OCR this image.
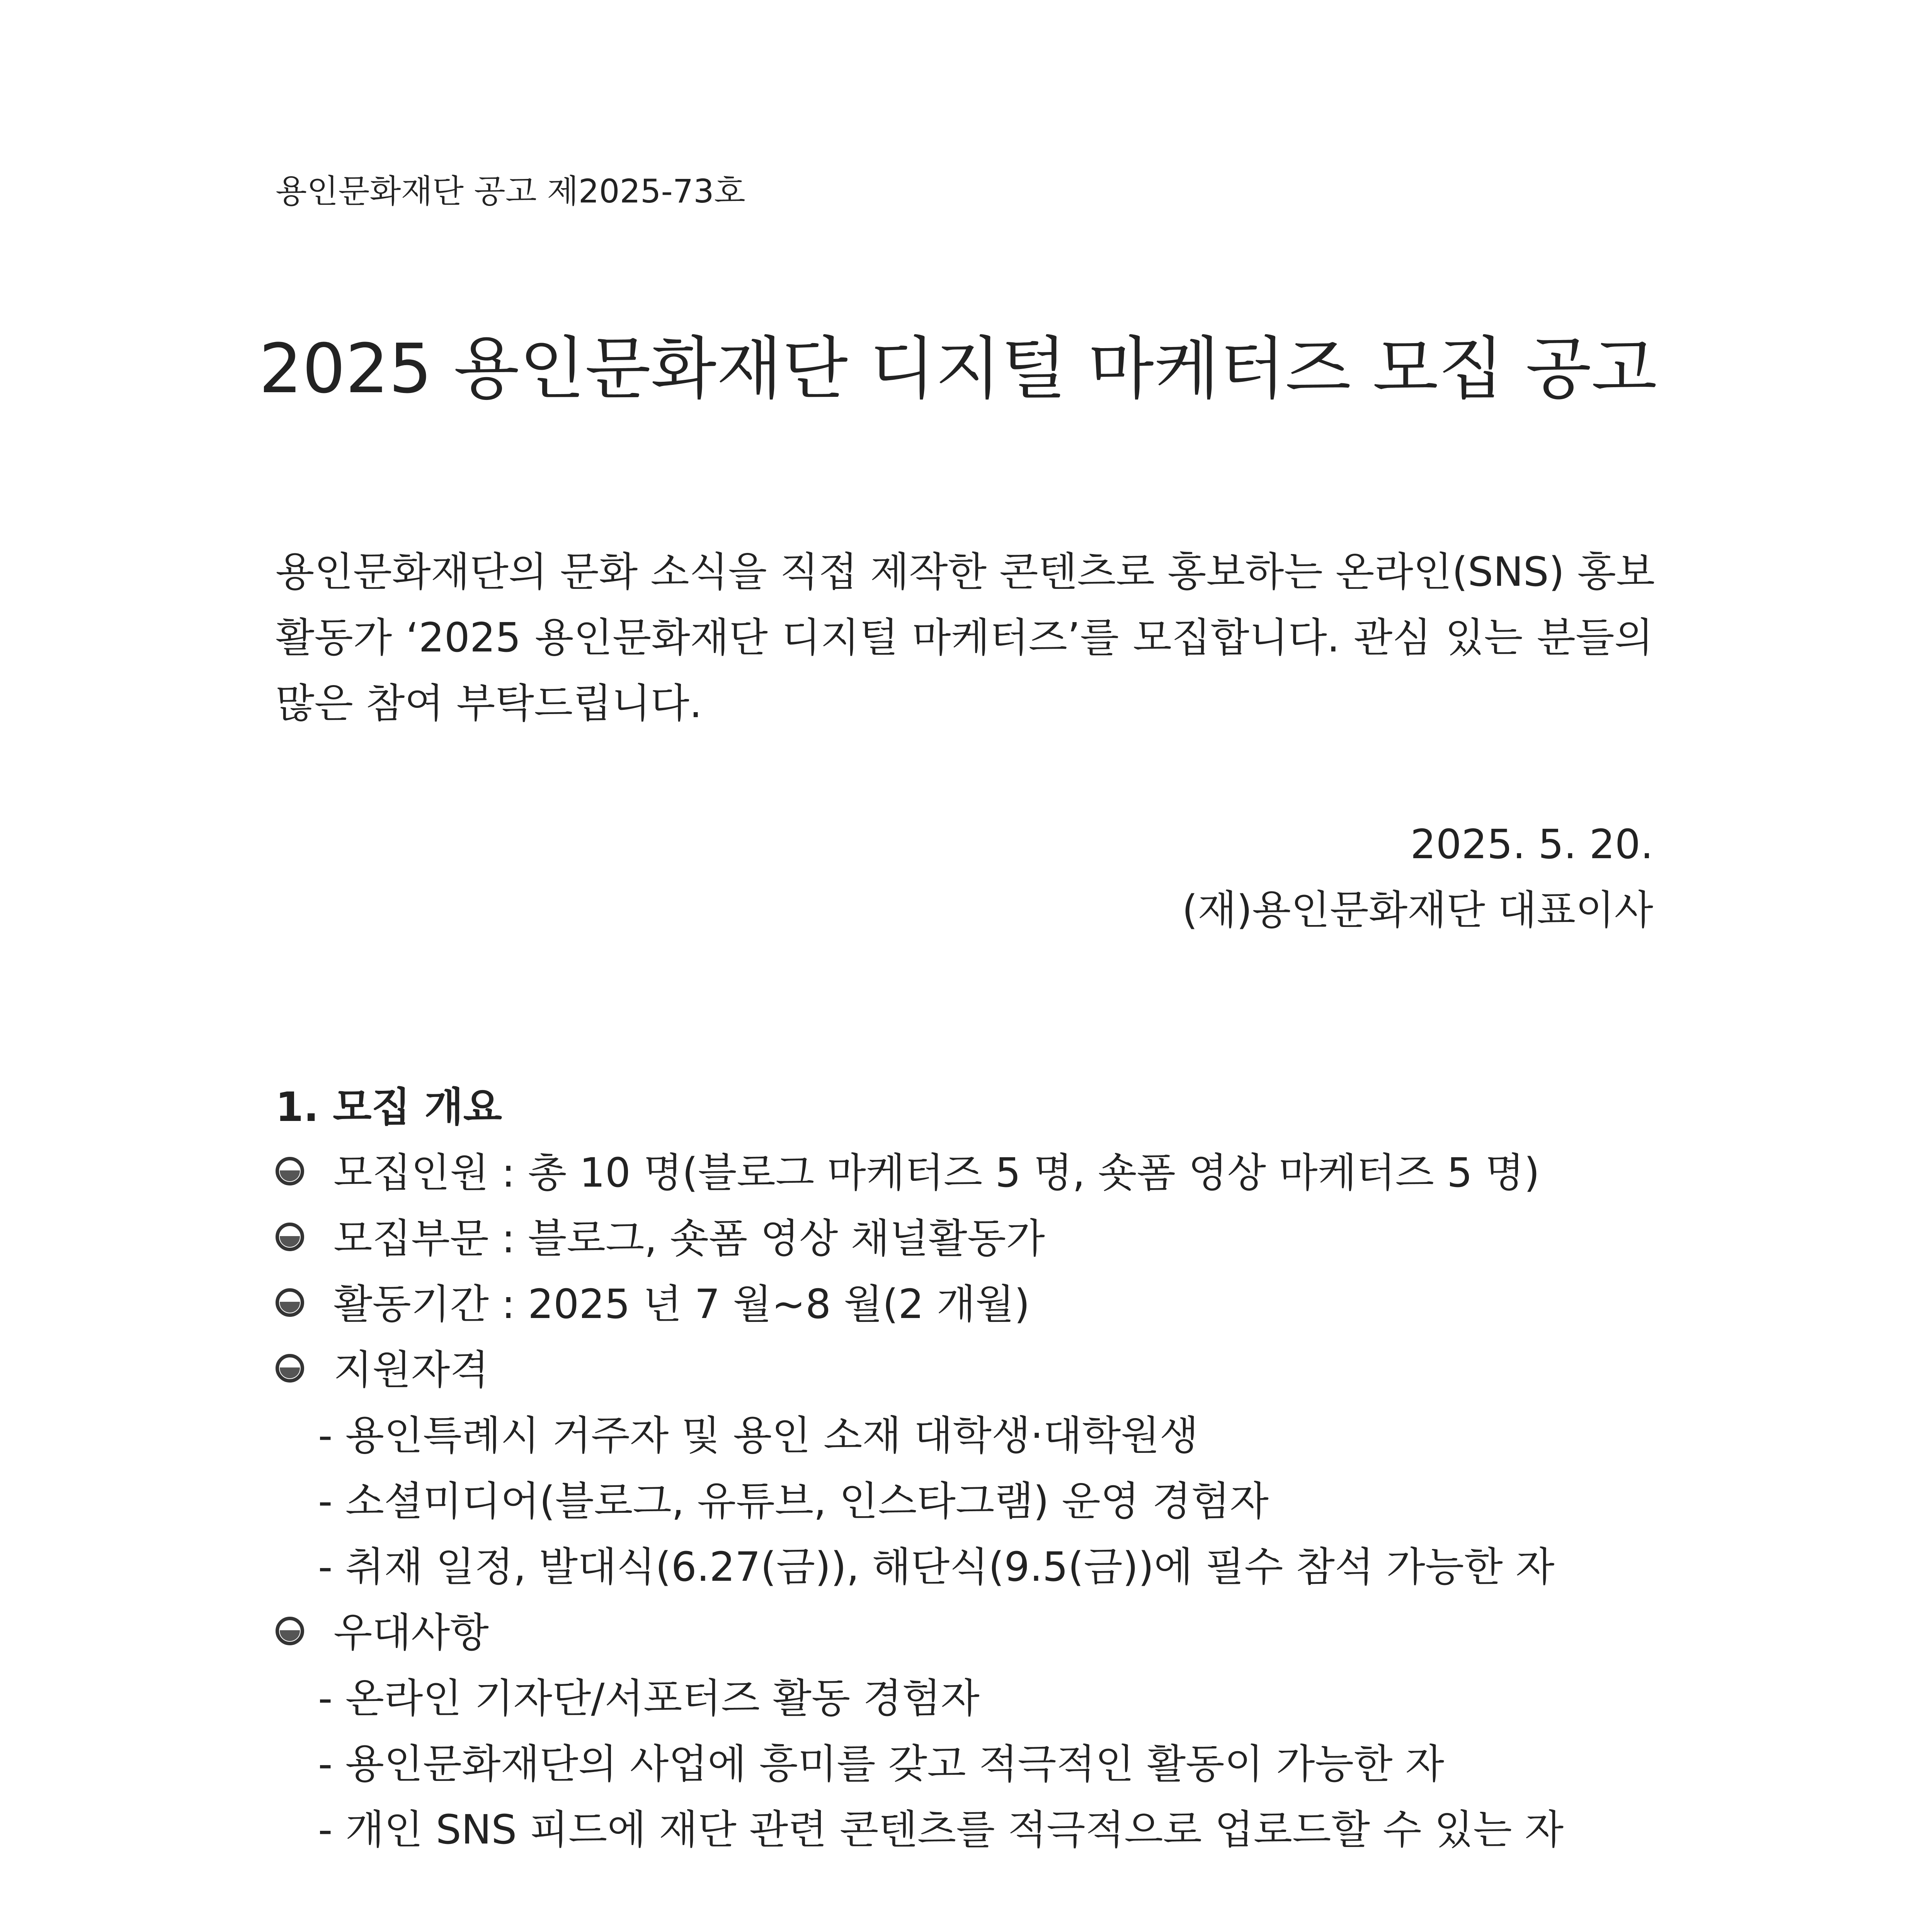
용인문화재단 공고 제2025-73호
2025 용인문화재단 디지털 마케터즈 모집 공고
용인문화재단의 문화 소식을 직접 제작한 콘텐츠로 홍보하는 온라인(SNS) 홍보
활동가 ‘2025 용인문화재단 디지털 마케터즈’를 모집합니다. 관심 있는 분들의
많은 참여 부탁드립니다.
2025. 5. 20.
(재)용인문화재단 대표이사
1. 모집 개요
모집인원 : 총 10 명(블로그 마케터즈 5 명, 숏폼 영상 마케터즈 5 명)
모집부문 : 블로그, 숏폼 영상 채널활동가
활동기간 : 2025 년 7 월~8 월(2 개월)
지원자격
- 용인특례시 거주자 및 용인 소재 대학생·대학원생
- 소셜미디어(블로그, 유튜브, 인스타그램) 운영 경험자
- 취재 일정, 발대식(6.27(금)), 해단식(9.5(금))에 필수 참석 가능한 자
우대사항
- 온라인 기자단/서포터즈 활동 경험자
- 용인문화재단의 사업에 흥미를 갖고 적극적인 활동이 가능한 자
- 개인 SNS 피드에 재단 관련 콘텐츠를 적극적으로 업로드할 수 있는 자
